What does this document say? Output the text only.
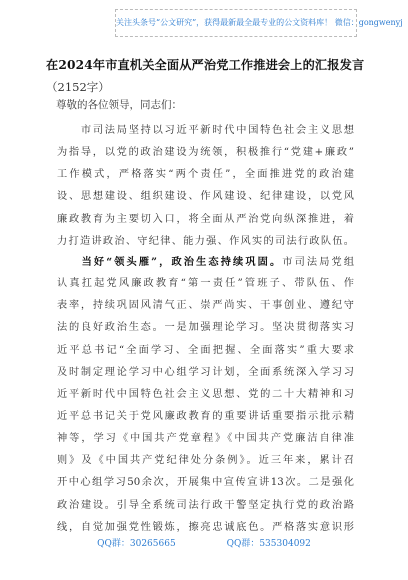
关注头条号“公文研究”，获得最新最全最专业的公文资料库！ 微信：gongwenyj
在2024年市直机关全面从严治党工作推进会上的汇报发言
（2152字）
尊敬的各位领导，同志们：
　　市司法局坚持以习近平新时代中国特色社会主义思想
为指导，以党的政治建设为统领，积极推行“党建+廉政”
工作模式，严格落实“两个责任”，全面推进党的政治建
设、思想建设、组织建设、作风建设、纪律建设，以党风
廉政教育为主要切入口，将全面从严治党向纵深推进，着
力打造讲政治、守纪律、能力强、作风实的司法行政队伍。
　　当好“领头雁”，政治生态持续巩固。市司法局党组
认真扛起党风廉政教育“第一责任”管班子、带队伍、作
表率，持续巩固风清气正、崇严尚实、干事创业、遵纪守
法的良好政治生态。一是加强理论学习。坚决贯彻落实习
近平总书记“全面学习、全面把握、全面落实”重大要求
及时制定理论学习中心组学习计划，全面系统深入学习习
近平新时代中国特色社会主义思想、党的二十大精神和习
近平总书记关于党风廉政教育的重要讲话重要指示批示精
神等，学习《中国共产党章程》《中国共产党廉洁自律准
则》及《中国共产党纪律处分条例》。近三年来，累计召
开中心组学习50余次，开展集中宣传宣讲13次。二是强化
政治建设。引导全系统司法行政干警坚定执行党的政治路
线，自觉加强党性锻炼，擦亮忠诚底色。严格落实意识形
QQ群：30265665	QQ群：535304092
